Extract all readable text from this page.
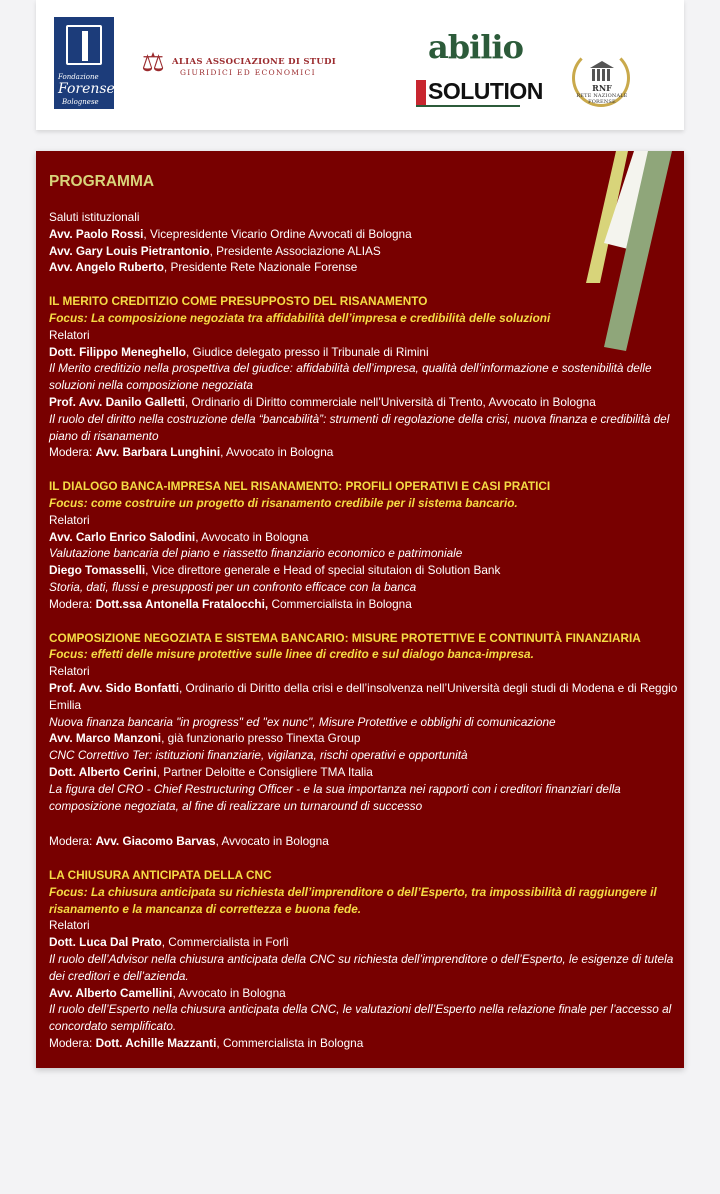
Fondazione
Forense
Bolognese
⚖ ALIAS ASSOCIAZIONE DI STUDI
GIURIDICI ED ECONOMICI
abilio
SOLUTION	RNF
RETE NAZIONALE FORENSE
PROGRAMMA
Saluti istituzionali
Avv. Paolo Rossi, Vicepresidente Vicario Ordine Avvocati di Bologna
Avv. Gary Louis Pietrantonio, Presidente Associazione ALIAS
Avv. Angelo Ruberto, Presidente Rete Nazionale Forense
IL MERITO CREDITIZIO COME PRESUPPOSTO DEL RISANAMENTO
Focus: La composizione negoziata tra affidabilità dell’impresa e credibilità delle soluzioni
Relatori
Dott. Filippo Meneghello, Giudice delegato presso il Tribunale di Rimini
Il Merito creditizio nella prospettiva del giudice: affidabilità dell’impresa, qualità dell’informazione e sostenibilità delle soluzioni nella composizione negoziata
Prof. Avv. Danilo Galletti, Ordinario di Diritto commerciale nell’Università di Trento, Avvocato in Bologna
Il ruolo del diritto nella costruzione della “bancabilità”: strumenti di regolazione della crisi, nuova finanza e credibilità del piano di risanamento
Modera: Avv. Barbara Lunghini, Avvocato in Bologna
IL DIALOGO BANCA-IMPRESA NEL RISANAMENTO: PROFILI OPERATIVI E CASI PRATICI
Focus: come costruire un progetto di risanamento credibile per il sistema bancario.
Relatori
Avv. Carlo Enrico Salodini, Avvocato in Bologna
Valutazione bancaria del piano e riassetto finanziario economico e patrimoniale
Diego Tomasselli, Vice direttore generale e Head of special situtaion di Solution Bank
Storia, dati, flussi e presupposti per un confronto efficace con la banca
Modera: Dott.ssa Antonella Fratalocchi, Commercialista in Bologna
COMPOSIZIONE NEGOZIATA E SISTEMA BANCARIO: MISURE PROTETTIVE E CONTINUITÀ FINANZIARIA
Focus: effetti delle misure protettive sulle linee di credito e sul dialogo banca-impresa.
Relatori
Prof. Avv. Sido Bonfatti, Ordinario di Diritto della crisi e dell’insolvenza nell’Università degli studi di Modena e di Reggio Emilia
Nuova finanza bancaria "in progress" ed "ex nunc", Misure Protettive e obblighi di comunicazione
Avv. Marco Manzoni, già funzionario presso Tinexta Group
CNC Correttivo Ter: istituzioni finanziarie, vigilanza, rischi operativi e opportunità
Dott. Alberto Cerini, Partner Deloitte e Consigliere TMA Italia
La figura del CRO - Chief Restructuring Officer - e la sua importanza nei rapporti con i creditori finanziari della composizione negoziata, al fine di realizzare un turnaround di successo
Modera: Avv. Giacomo Barvas, Avvocato in Bologna
LA CHIUSURA ANTICIPATA DELLA CNC
Focus: La chiusura anticipata su richiesta dell’imprenditore o dell’Esperto, tra impossibilità di raggiungere il risanamento e la mancanza di correttezza e buona fede.
Relatori
Dott. Luca Dal Prato, Commercialista in Forlì
Il ruolo dell’Advisor nella chiusura anticipata della CNC su richiesta dell’imprenditore o dell’Esperto, le esigenze di tutela dei creditori e dell’azienda.
Avv. Alberto Camellini, Avvocato in Bologna
Il ruolo dell’Esperto nella chiusura anticipata della CNC, le valutazioni dell’Esperto nella relazione finale per l’accesso al concordato semplificato.
Modera: Dott. Achille Mazzanti, Commercialista in Bologna
